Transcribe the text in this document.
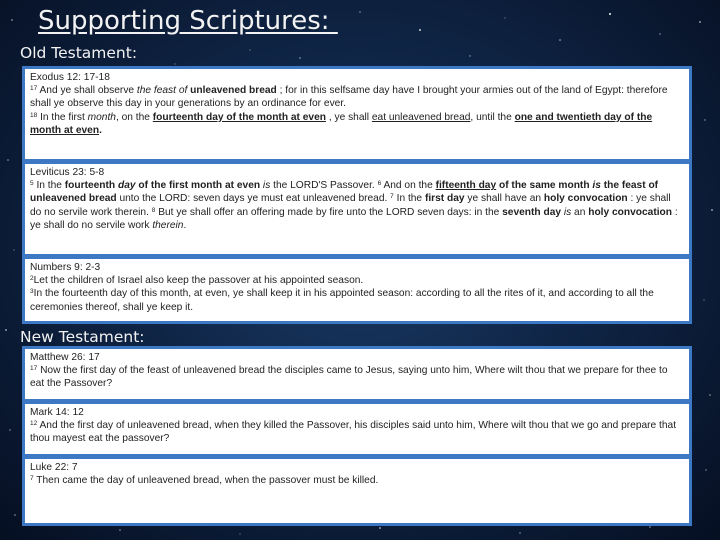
Supporting Scriptures:
Old Testament:
Exodus 12: 17-18
$^{17}$ And ye shall observe the feast of unleavened bread ; for in this selfsame day have I brought your armies out of the land of Egypt: therefore shall ye observe this day in your generations by an ordinance for ever.
$^{18}$ In the first month, on the fourteenth day of the month at even , ye shall eat unleavened bread, until the one and twentieth day of the month at even.
Leviticus 23: 5-8
$^5$ In the fourteenth day of the first month at even is the LORD'S Passover. $^6$ And on the fifteenth day of the same month is the feast of unleavened bread unto the LORD: seven days ye must eat unleavened bread. $^7$ In the first day ye shall have an holy convocation : ye shall do no servile work therein. $^8$ But ye shall offer an offering made by fire unto the LORD seven days: in the seventh day is an holy convocation : ye shall do no servile work therein.
Numbers 9: 2-3
$^2$Let the children of Israel also keep the passover at his appointed season.
$^3$In the fourteenth day of this month, at even, ye shall keep it in his appointed season: according to all the rites of it, and according to all the ceremonies thereof, shall ye keep it.
New Testament:
Matthew 26: 17
$^{17}$ Now the first day of the feast of unleavened bread the disciples came to Jesus, saying unto him, Where wilt thou that we prepare for thee to eat the Passover?
Mark 14: 12
$^{12}$ And the first day of unleavened bread, when they killed the Passover, his disciples said unto him, Where wilt thou that we go and prepare that thou mayest eat the passover?
Luke 22: 7
$^7$ Then came the day of unleavened bread, when the passover must be killed.
